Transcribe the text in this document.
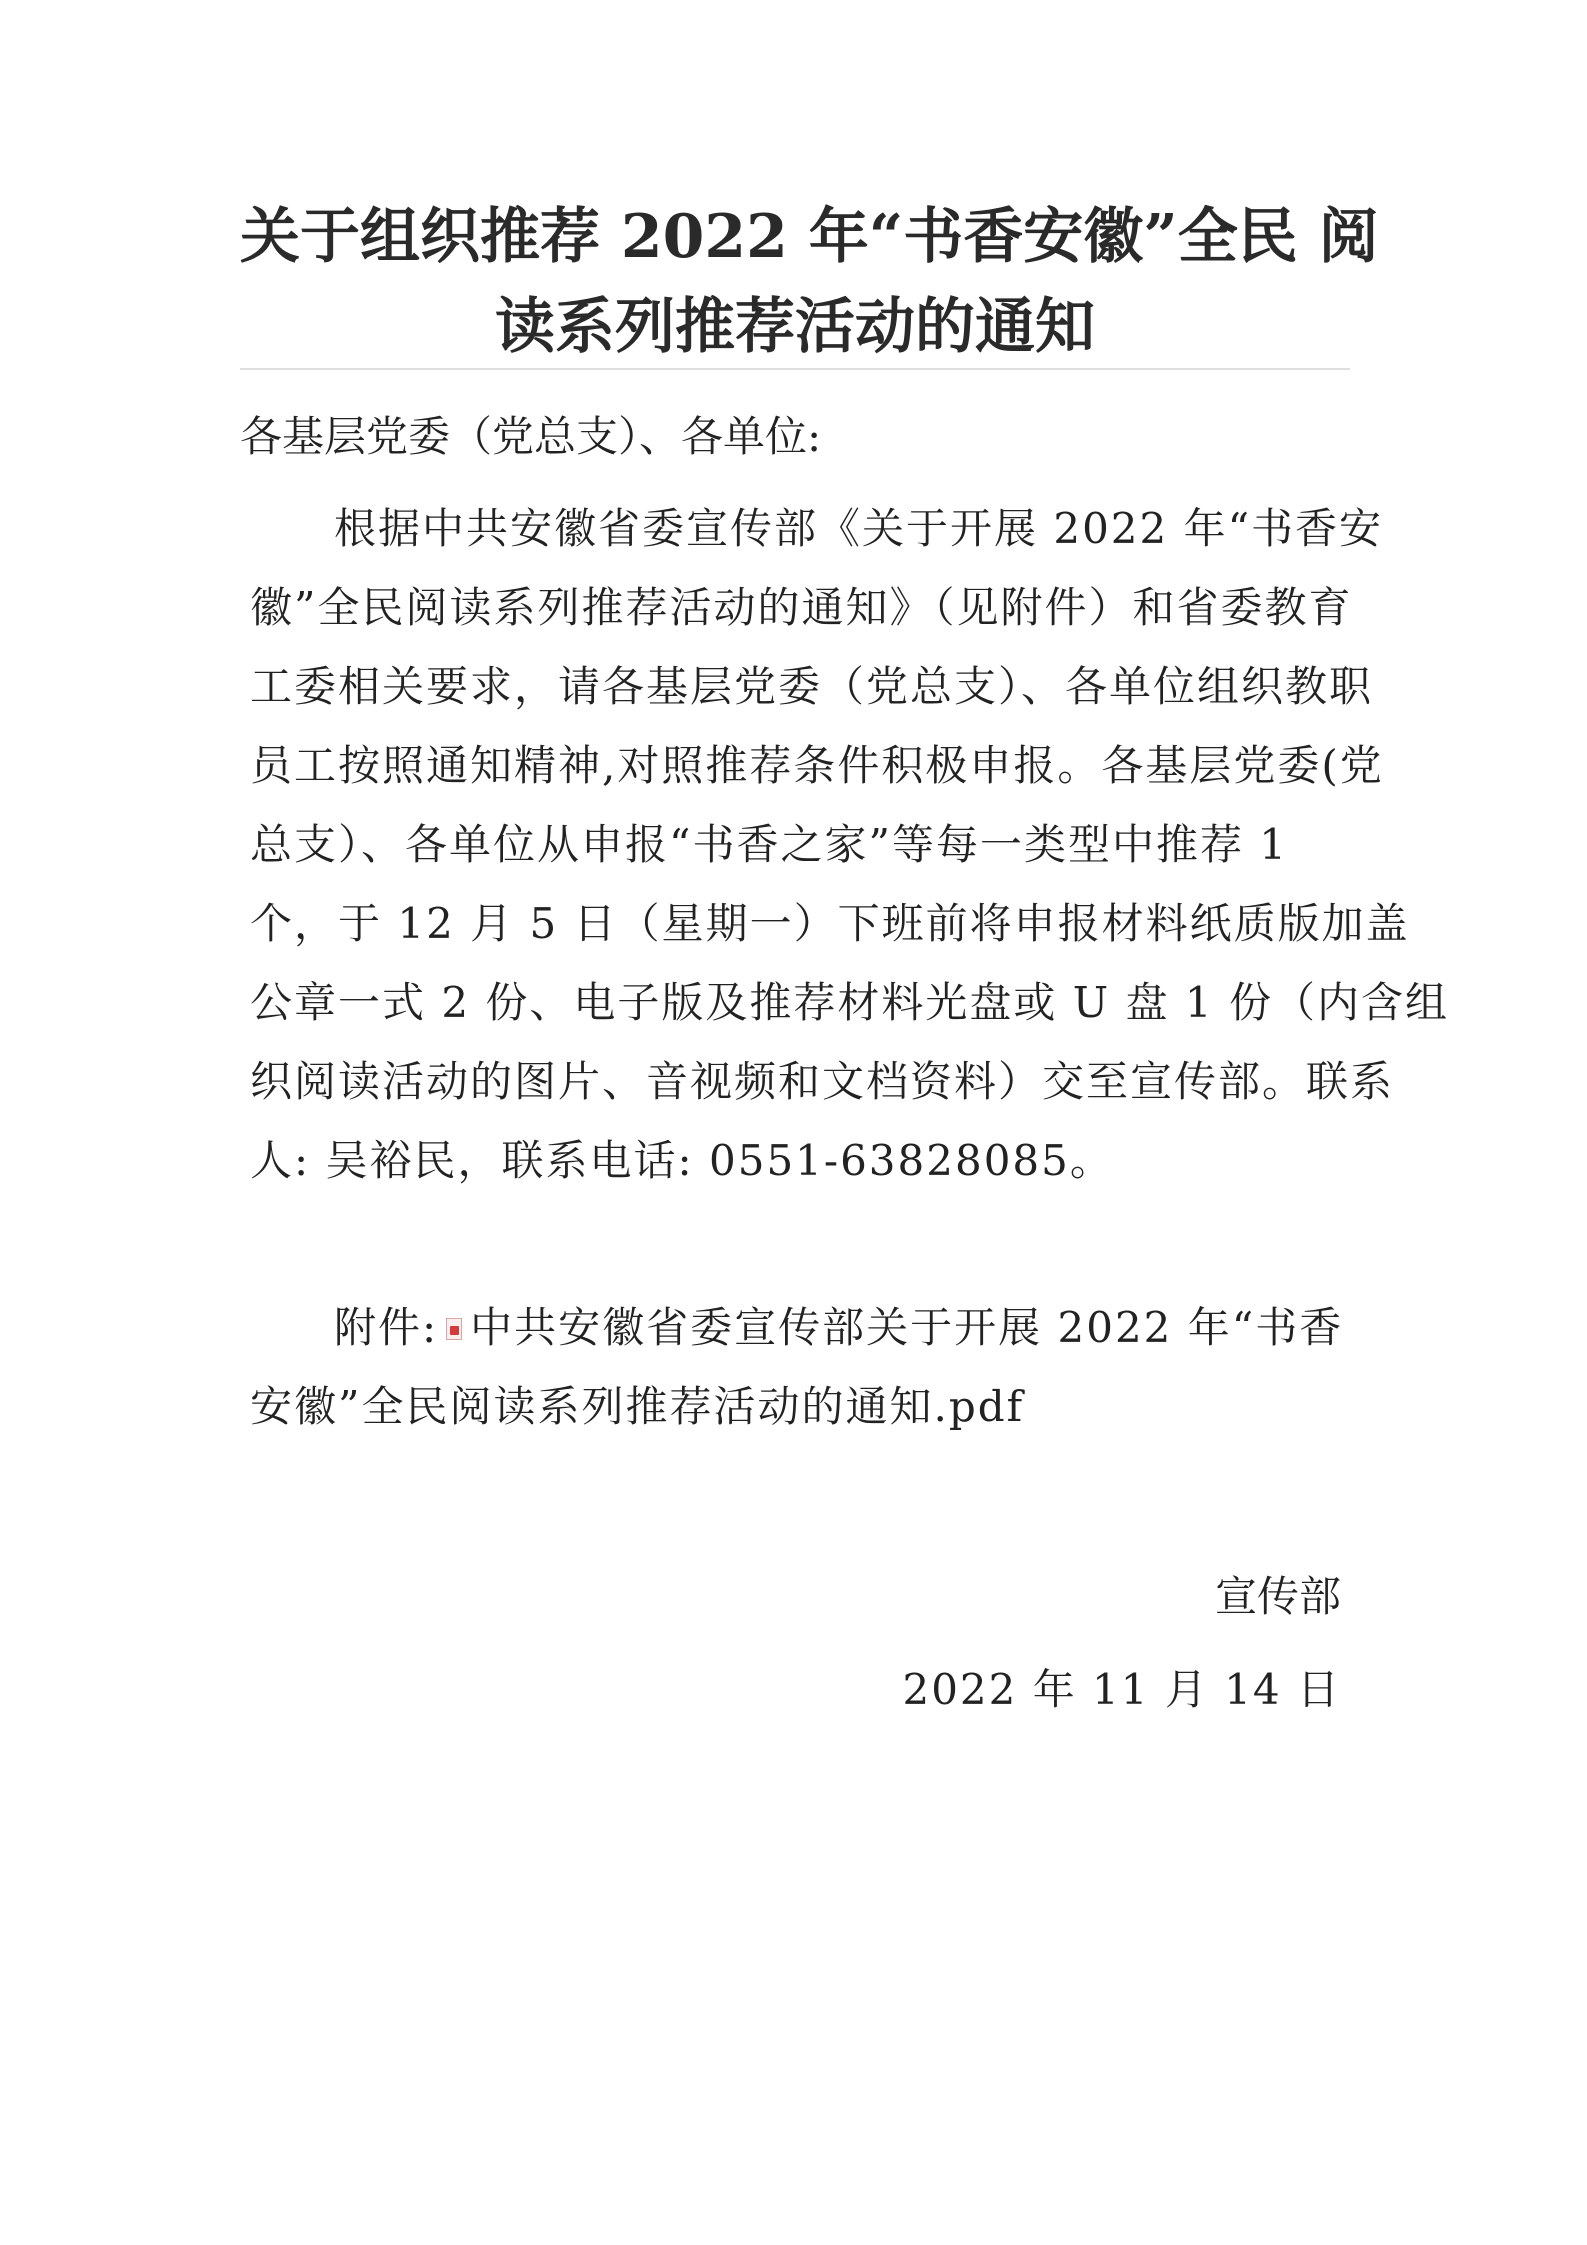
关于组织推荐 2022 年“书香安徽”全民 阅
读系列推荐活动的通知
各基层党委（党总支）、各单位:
根据中共安徽省委宣传部《关于开展 2022 年“书香安
徽”全民阅读系列推荐活动的通知》（见附件）和省委教育
工委相关要求，请各基层党委（党总支）、各单位组织教职
员工按照通知精神,对照推荐条件积极申报。各基层党委(党
总支）、各单位从申报“书香之家”等每一类型中推荐 1
个，于 12 月 5 日（星期一）下班前将申报材料纸质版加盖
公章一式 2 份、电子版及推荐材料光盘或 U 盘 1 份（内含组
织阅读活动的图片、音视频和文档资料）交至宣传部。联系
人: 吴裕民，联系电话: 0551-63828085。
附件: 中共安徽省委宣传部关于开展 2022 年“书香
安徽”全民阅读系列推荐活动的通知.pdf
宣传部
2022 年 11 月 14 日
